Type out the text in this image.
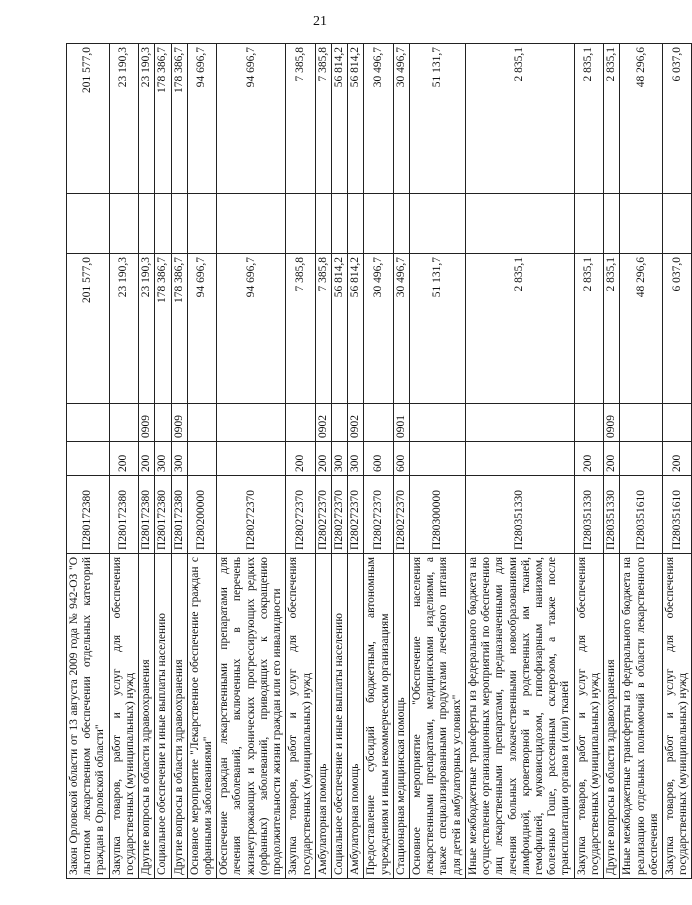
21
Закон Орловской области от 13 августа 2009 года № 942-ОЗ "О льготном лекарственном обеспечении отдельных категорий граждан в Орловской области"	П280172380			201 577,0		201 577,0
Закупка товаров, работ и услуг для обеспечения государственных (муниципальных) нужд	П280172380	200		23 190,3		23 190,3
Другие вопросы в области здравоохранения	П280172380	200	0909	23 190,3		23 190,3
Социальное обеспечение и иные выплаты населению	П280172380	300		178 386,7		178 386,7
Другие вопросы в области здравоохранения	П280172380	300	0909	178 386,7		178 386,7
Основное мероприятие "Лекарственное обеспечение граждан с орфанными заболеваниями"	П280200000			94 696,7		94 696,7
Обеспечение граждан лекарственными препаратами для лечения заболеваний, включенных в перечень жизнеугрожающих и хронических прогрессирующих редких (орфанных) заболеваний, приводящих к сокращению продолжительности жизни граждан или его инвалидности	П280272370			94 696,7		94 696,7
Закупка товаров, работ и услуг для обеспечения государственных (муниципальных) нужд	П280272370	200		7 385,8		7 385,8
Амбулаторная помощь	П280272370	200	0902	7 385,8		7 385,8
Социальное обеспечение и иные выплаты населению	П280272370	300		56 814,2		56 814,2
Амбулаторная помощь	П280272370	300	0902	56 814,2		56 814,2
Предоставление субсидий бюджетным, автономным учреждениям и иным некоммерческим организациям	П280272370	600		30 496,7		30 496,7
Стационарная медицинская помощь	П280272370	600	0901	30 496,7		30 496,7
Основное мероприятие "Обеспечение населения лекарственными препаратами, медицинскими изделиями, а также специализированными продуктами лечебного питания для детей в амбулаторных условиях"	П280300000			51 131,7		51 131,7
Иные межбюджетные трансферты из федерального бюджета на осуществление организационных мероприятий по обеспечению лиц лекарственными препаратами, предназначенными для лечения больных злокачественными новообразованиями лимфоидной, кроветворной и родственных им тканей, гемофилией, муковисцидозом, гипофизарным нанизмом, болезнью Гоше, рассеянным склерозом, а также после трансплантации органов и (или) тканей	П280351330			2 835,1		2 835,1
Закупка товаров, работ и услуг для обеспечения государственных (муниципальных) нужд	П280351330	200		2 835,1		2 835,1
Другие вопросы в области здравоохранения	П280351330	200	0909	2 835,1		2 835,1
Иные межбюджетные трансферты из федерального бюджета на реализацию отдельных полномочий в области лекарственного обеспечения	П280351610			48 296,6		48 296,6
Закупка товаров, работ и услуг для обеспечения государственных (муниципальных) нужд	П280351610	200		6 037,0		6 037,0
